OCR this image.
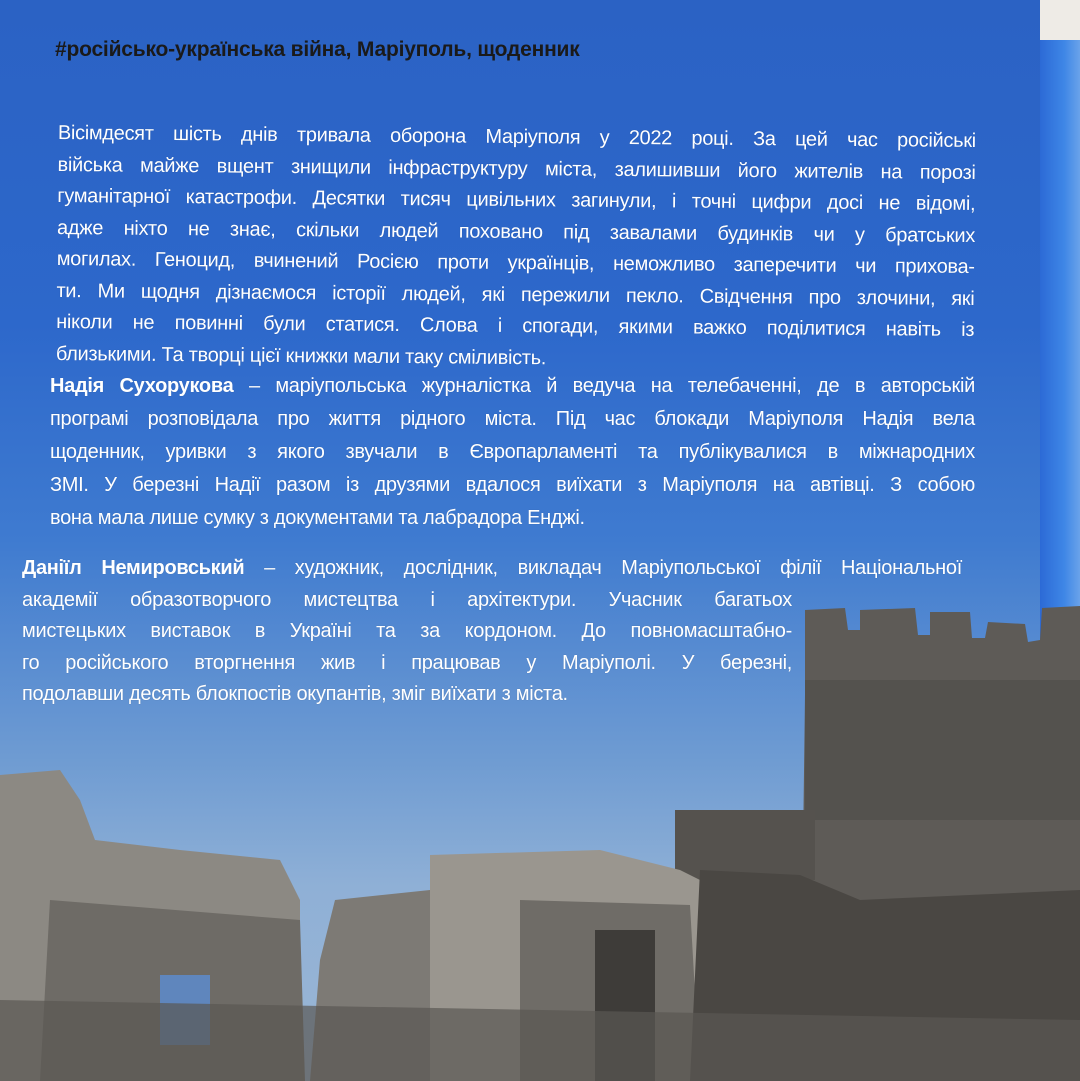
#російсько-українська війна, Маріуполь, щоденник
Вісімдесят шість днів тривала оборона Маріуполя у 2022 році. За цей час російські
війська майже вщент знищили інфраструктуру міста, залишивши його жителів на порозі
гуманітарної катастрофи. Десятки тисяч цивільних загинули, і точні цифри досі не відомі,
адже ніхто не знає, скільки людей поховано під завалами будинків чи у братських
могилах. Геноцид, вчинений Росією проти українців, неможливо заперечити чи прихова-
ти. Ми щодня дізнаємося історії людей, які пережили пекло. Свідчення про злочини, які
ніколи не повинні були статися. Слова і спогади, якими важко поділитися навіть із
близькими. Та творці цієї книжки мали таку сміливість.
Надія Сухорукова – маріупольська журналістка й ведуча на телебаченні, де в авторській
програмі розповідала про життя рідного міста. Під час блокади Маріуполя Надія вела
щоденник, уривки з якого звучали в Європарламенті та публікувалися в міжнародних
ЗМІ. У березні Надії разом із друзями вдалося виїхати з Маріуполя на автівці. З собою
вона мала лише сумку з документами та лабрадора Енджі.
Даніїл Немировський – художник, дослідник, викладач Маріупольської філії Національної
академії образотворчого мистецтва і архітектури. Учасник багатьох
мистецьких виставок в Україні та за кордоном. До повномасштабно-
го російського вторгнення жив і працював у Маріуполі. У березні,
подолавши десять блокпостів окупантів, зміг виїхати з міста.
